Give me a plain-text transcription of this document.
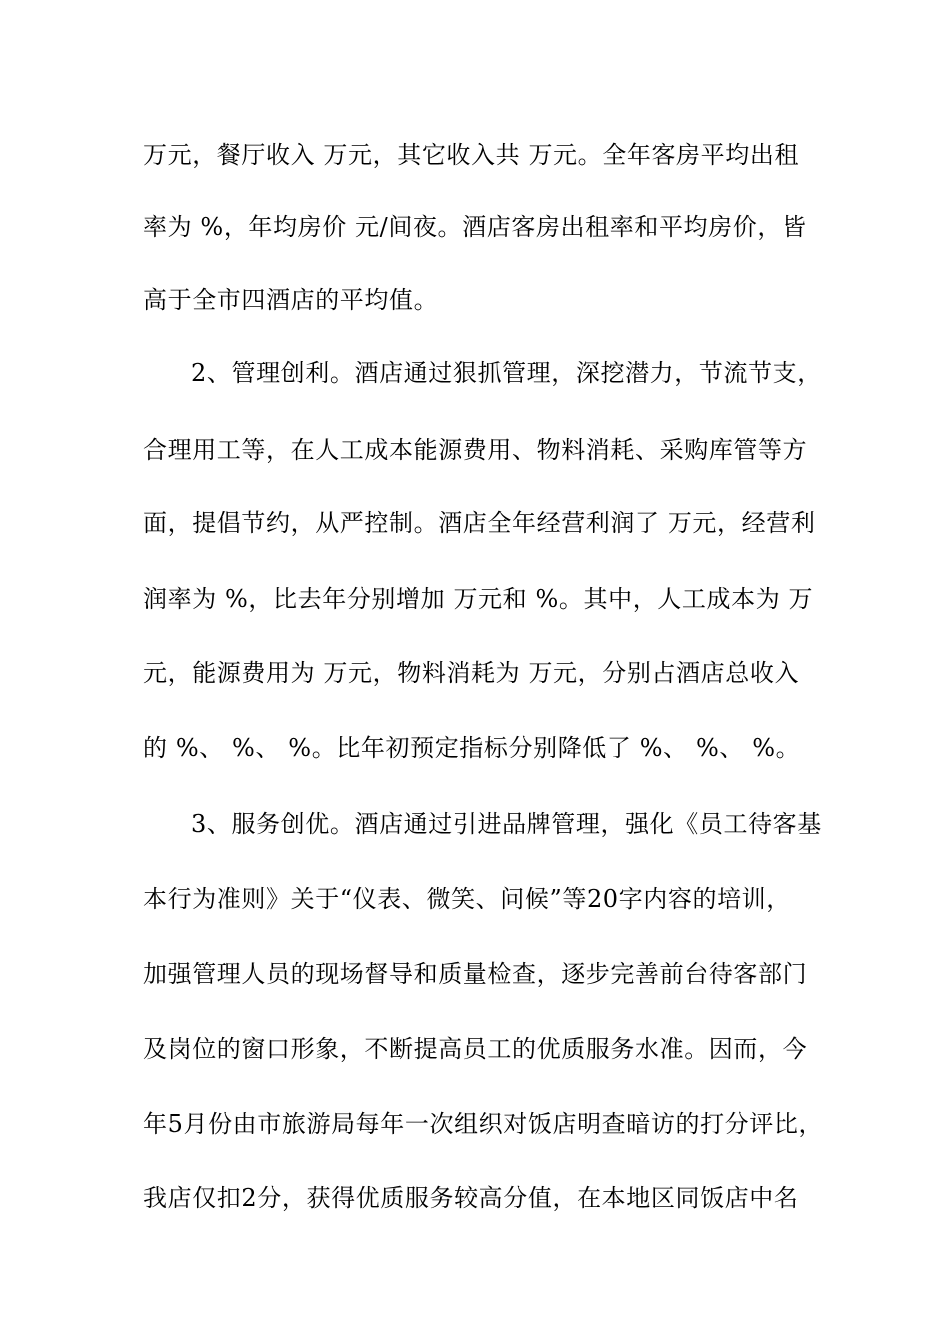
万元，餐厅收入 万元，其它收入共 万元。全年客房平均出租
率为 %，年均房价 元/间夜。酒店客房出租率和平均房价，皆
高于全市四酒店的平均值。
2、管理创利。酒店通过狠抓管理，深挖潜力，节流节支，
合理用工等，在人工成本能源费用、物料消耗、采购库管等方
面，提倡节约，从严控制。酒店全年经营利润了 万元，经营利
润率为 %，比去年分别增加 万元和 %。其中，人工成本为 万
元，能源费用为 万元，物料消耗为 万元，分别占酒店总收入
的 %、 %、 %。比年初预定指标分别降低了 %、 %、 %。
3、服务创优。酒店通过引进品牌管理，强化《员工待客基
本行为准则》关于“仪表、微笑、问候”等20字内容的培训，
加强管理人员的现场督导和质量检查，逐步完善前台待客部门
及岗位的窗口形象，不断提高员工的优质服务水准。因而，今
年5月份由市旅游局每年一次组织对饭店明查暗访的打分评比，
我店仅扣2分，获得优质服务较高分值，在本地区同饭店中名
